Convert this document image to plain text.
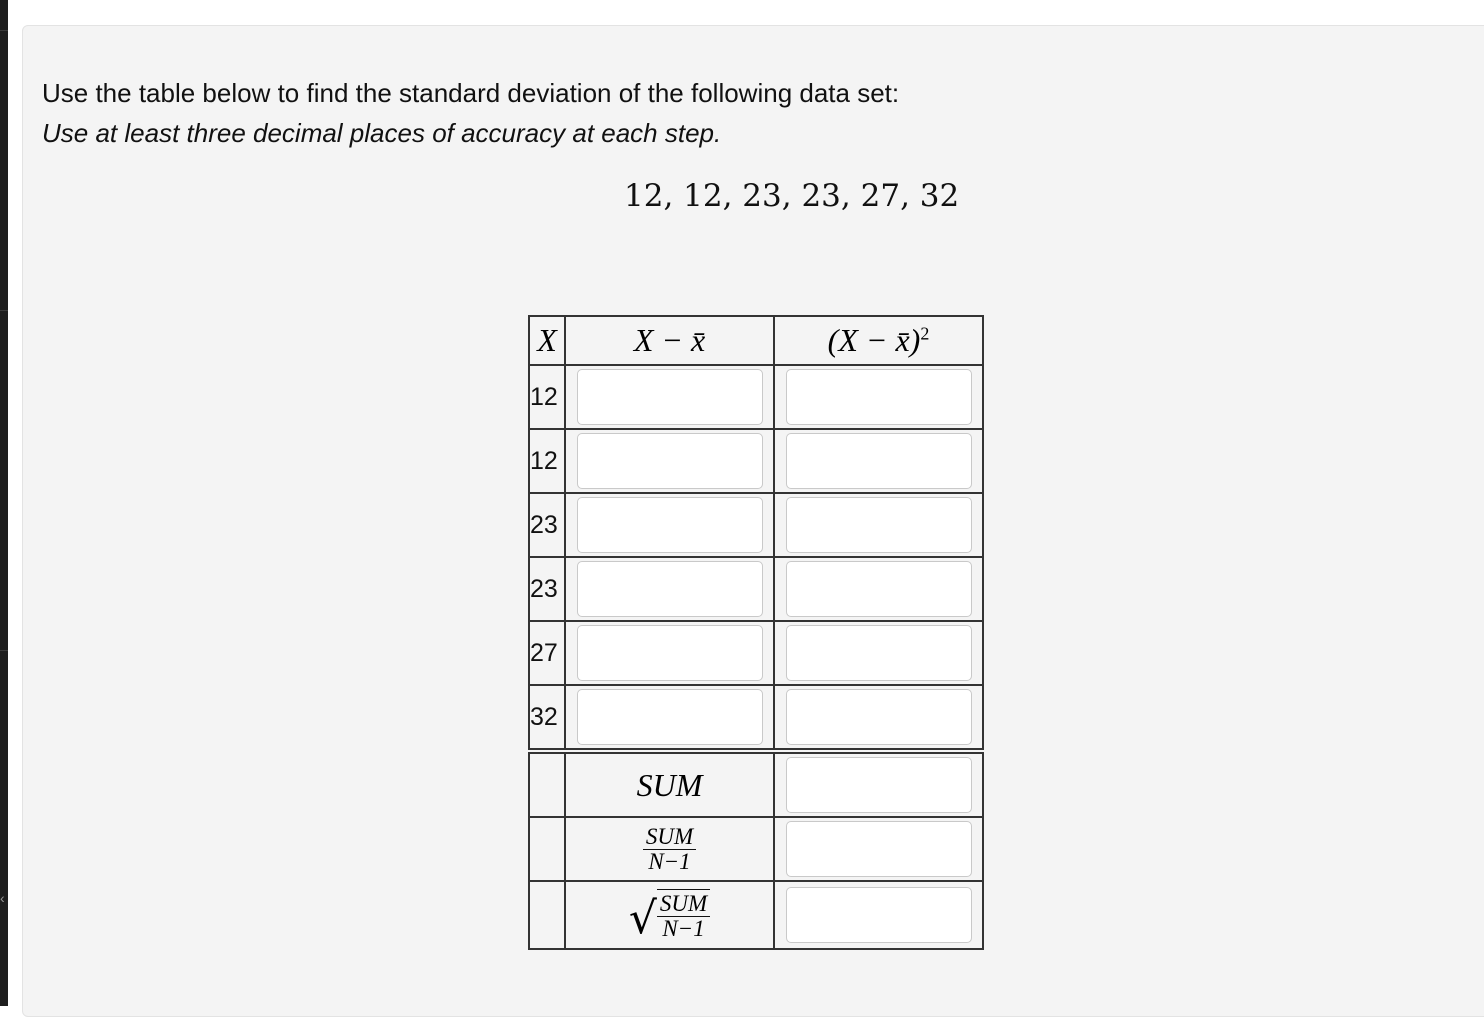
‹
Use the table below to find the standard deviation of the following data set:
Use at least three decimal places of accuracy at each step.
12, 12, 23, 23, 27, 32
X	X − x̄	(X − x̄)$^2$
12	

12	

23	

23	

27	

32	

	SUM	

	$\frac{\text{SUM}}{N-1}$

	√ $\frac{\text{SUM}}{N-1}$
